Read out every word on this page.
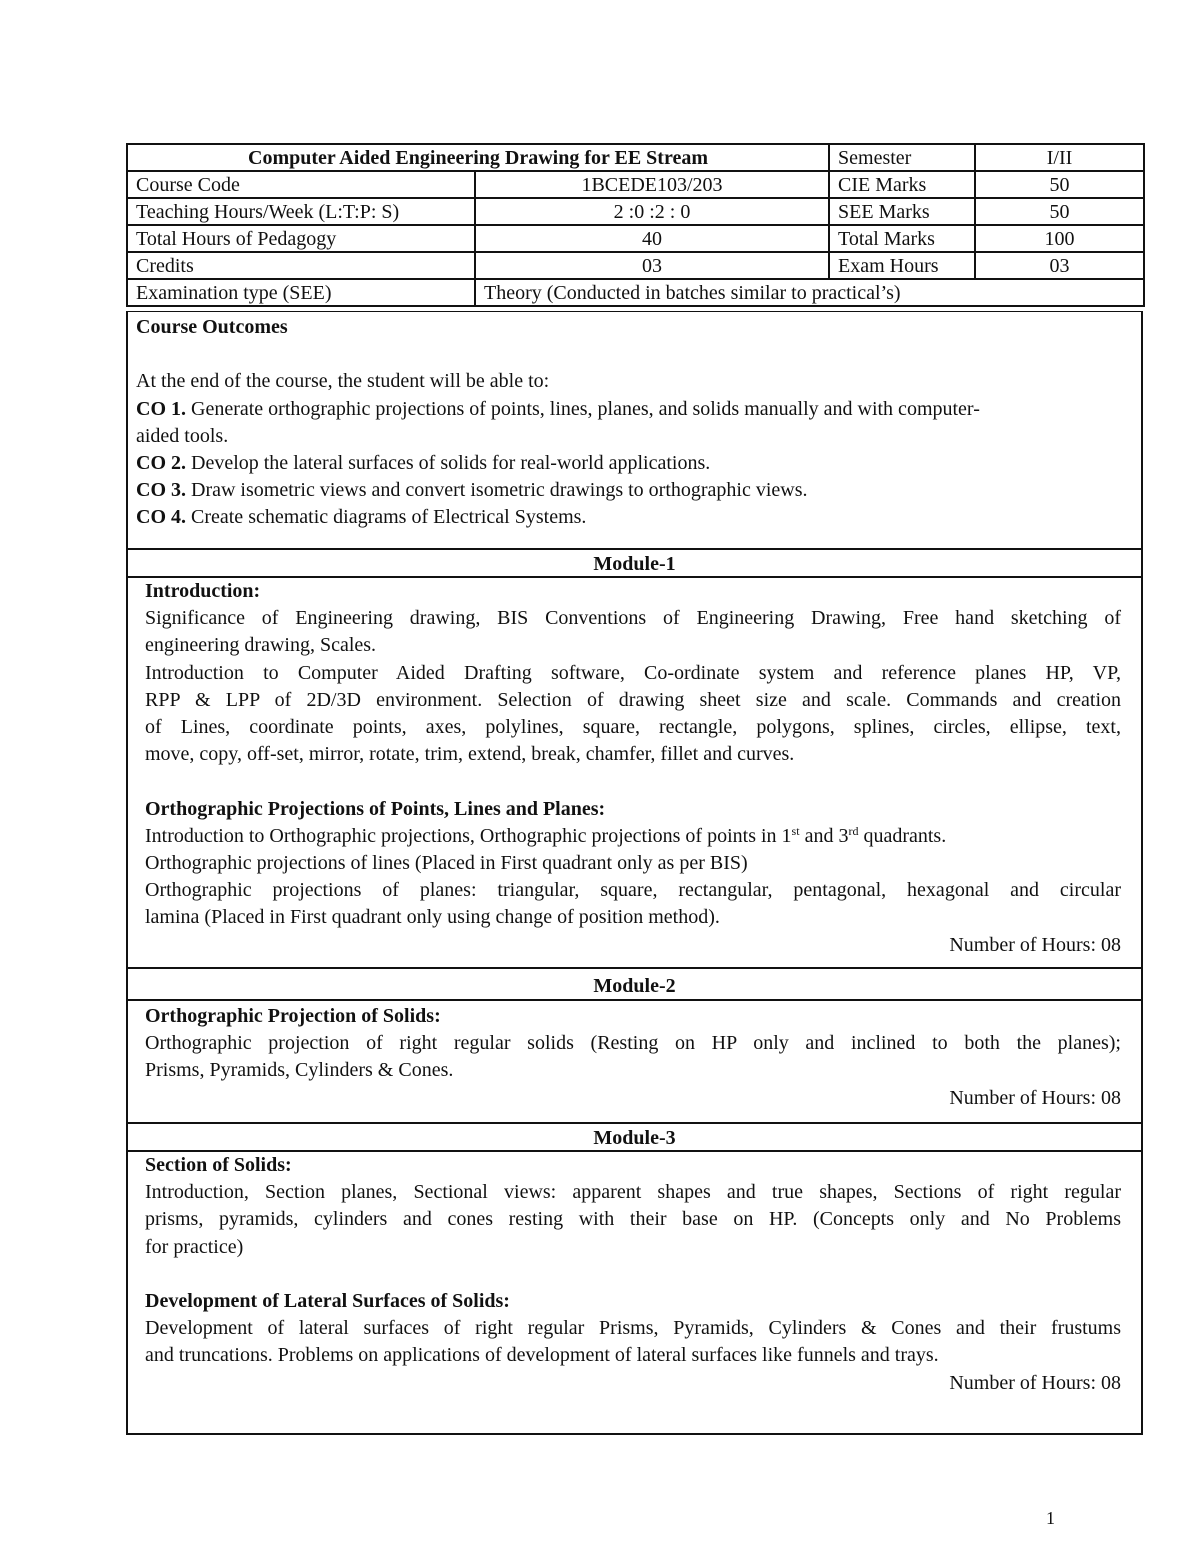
Computer Aided Engineering Drawing for EE Stream		Semester	I/II
Course Code	1BCEDE103/203	CIE Marks	50
Teaching Hours/Week (L:T:P: S)	2 :0 :2 : 0	SEE Marks	50
Total Hours of Pedagogy	40	Total Marks	100
Credits	03	Exam Hours	03
Examination type (SEE)	Theory (Conducted in batches similar to practical’s)		
Course Outcomes

At the end of the course, the student will be able to:
CO 1. Generate orthographic projections of points, lines, planes, and solids manually and with computer-
aided tools.
CO 2. Develop the lateral surfaces of solids for real-world applications.
CO 3. Draw isometric views and convert isometric drawings to orthographic views.
CO 4. Create schematic diagrams of Electrical Systems.
Module-1
Introduction:
Significance of Engineering drawing, BIS Conventions of Engineering Drawing, Free hand sketching of
engineering drawing, Scales.
Introduction to Computer Aided Drafting software, Co-ordinate system and reference planes HP, VP,
RPP & LPP of 2D/3D environment. Selection of drawing sheet size and scale. Commands and creation
of Lines, coordinate points, axes, polylines, square, rectangle, polygons, splines, circles, ellipse, text,
move, copy, off-set, mirror, rotate, trim, extend, break, chamfer, fillet and curves.

Orthographic Projections of Points, Lines and Planes:
Introduction to Orthographic projections, Orthographic projections of points in 1st and 3rd quadrants.
Orthographic projections of lines (Placed in First quadrant only as per BIS)
Orthographic projections of planes: triangular, square, rectangular, pentagonal, hexagonal and circular
lamina (Placed in First quadrant only using change of position method).
Number of Hours: 08
Module-2
Orthographic Projection of Solids:
Orthographic projection of right regular solids (Resting on HP only and inclined to both the planes);
Prisms, Pyramids, Cylinders & Cones.
Number of Hours: 08
Module-3
Section of Solids:
Introduction, Section planes, Sectional views: apparent shapes and true shapes, Sections of right regular
prisms, pyramids, cylinders and cones resting with their base on HP. (Concepts only and No Problems
for practice)

Development of Lateral Surfaces of Solids:
Development of lateral surfaces of right regular Prisms, Pyramids, Cylinders & Cones and their frustums
and truncations. Problems on applications of development of lateral surfaces like funnels and trays.
Number of Hours: 08
1
